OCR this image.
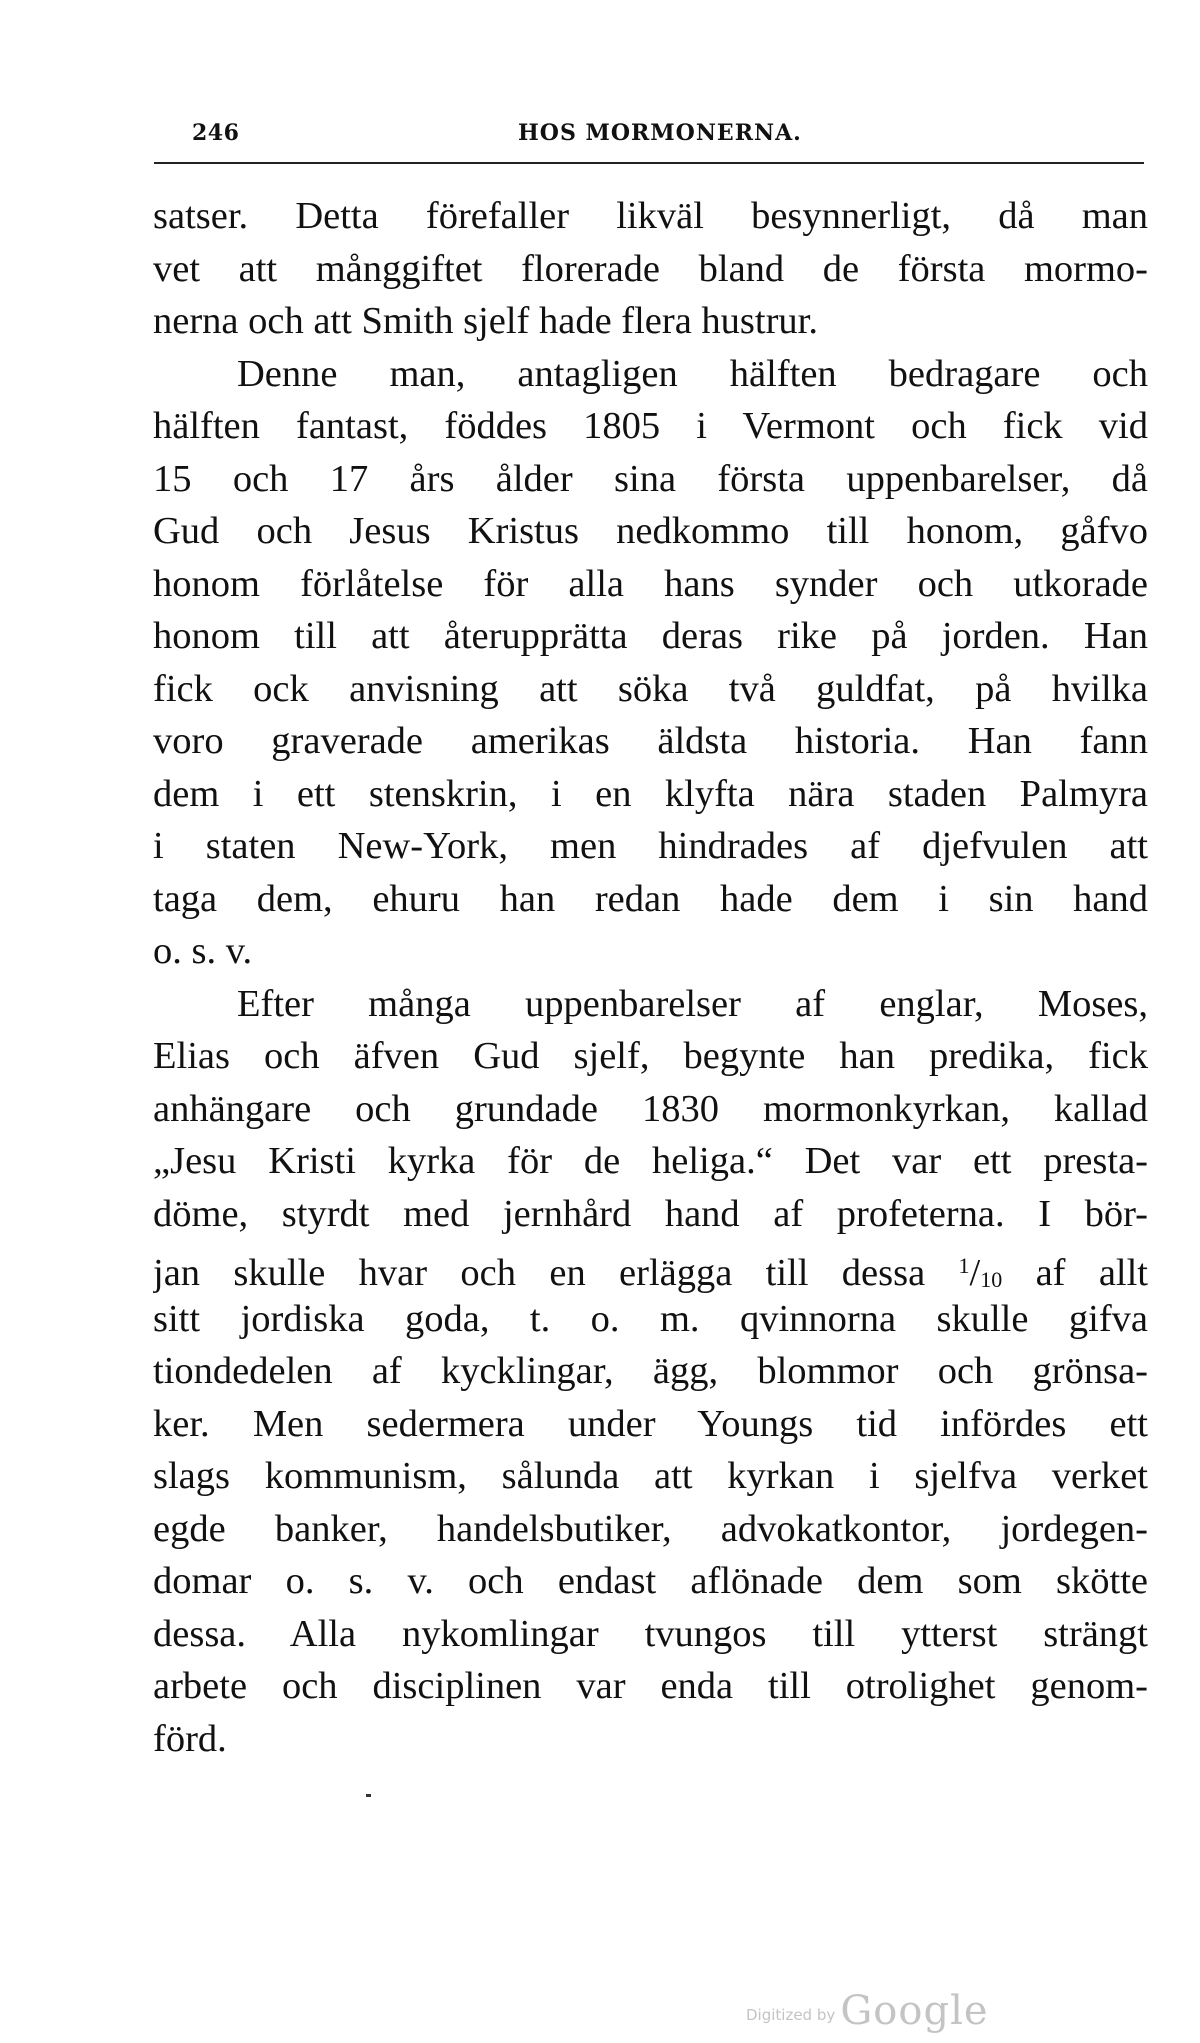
246	HOS MORMONERNA.
satser. Detta förefaller likväl besynnerligt, då man
vet att månggiftet florerade bland de första mormo-
nerna och att Smith sjelf hade flera hustrur.
Denne man, antagligen hälften bedragare och
hälften fantast, föddes 1805 i Vermont och fick vid
15 och 17 års ålder sina första uppenbarelser, då
Gud och Jesus Kristus nedkommo till honom, gåfvo
honom förlåtelse för alla hans synder och utkorade
honom till att återupprätta deras rike på jorden. Han
fick ock anvisning att söka två guldfat, på hvilka
voro graverade amerikas äldsta historia. Han fann
dem i ett stenskrin, i en klyfta nära staden Palmyra
i staten New-York, men hindrades af djefvulen att
taga dem, ehuru han redan hade dem i sin hand
o. s. v.
Efter många uppenbarelser af englar, Moses,
Elias och äfven Gud sjelf, begynte han predika, fick
anhängare och grundade 1830 mormonkyrkan, kallad
„Jesu Kristi kyrka för de heliga.“ Det var ett presta-
döme, styrdt med jernhård hand af profeterna. I bör-
jan skulle hvar och en erlägga till dessa $^1/_{10}$ af allt
sitt jordiska goda, t. o. m. qvinnorna skulle gifva
tiondedelen af kycklingar, ägg, blommor och grönsa-
ker. Men sedermera under Youngs tid infördes ett
slags kommunism, sålunda att kyrkan i sjelfva verket
egde banker, handelsbutiker, advokatkontor, jordegen-
domar o. s. v. och endast aflönade dem som skötte
dessa. Alla nykomlingar tvungos till ytterst strängt
arbete och disciplinen var enda till otrolighet genom-
förd.
Digitized by Google
